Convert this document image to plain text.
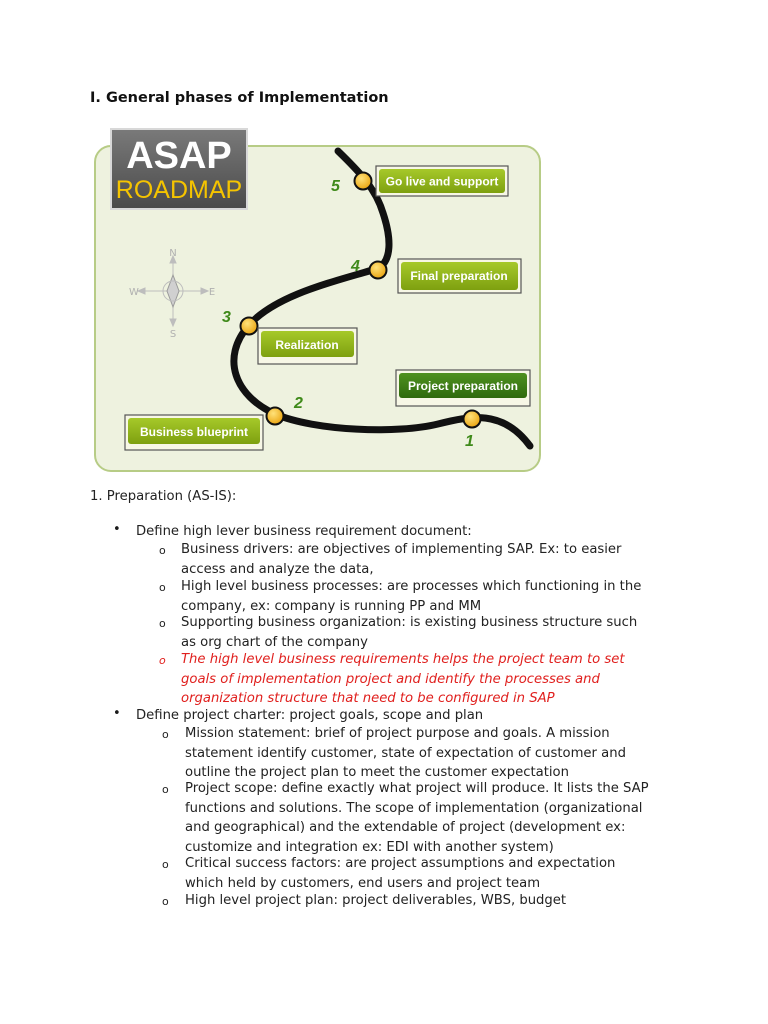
I. General phases of Implementation
ASAP
ROADMAP
N
S
E
W
5
4
3
2
1
Go live and support
Final preparation
Realization
Project preparation
Business blueprint
1. Preparation (AS-IS):
• Define high lever business requirement document:
o Business drivers: are objectives of implementing SAP. Ex: to easier
access and analyze the data,
o High level business processes: are processes which functioning in the
company, ex: company is running PP and MM
o Supporting business organization: is existing business structure such
as org chart of the company
o The high level business requirements helps the project team to set
goals of implementation project and identify the processes and
organization structure that need to be configured in SAP
• Define project charter: project goals, scope and plan
o Mission statement: brief of project purpose and goals. A mission
statement identify customer, state of expectation of customer and
outline the project plan to meet the customer expectation
o Project scope: define exactly what project will produce. It lists the SAP
functions and solutions. The scope of implementation (organizational
and geographical) and the extendable of project (development ex:
customize and integration ex: EDI with another system)
o Critical success factors: are project assumptions and expectation
which held by customers, end users and project team
o High level project plan: project deliverables, WBS, budget
